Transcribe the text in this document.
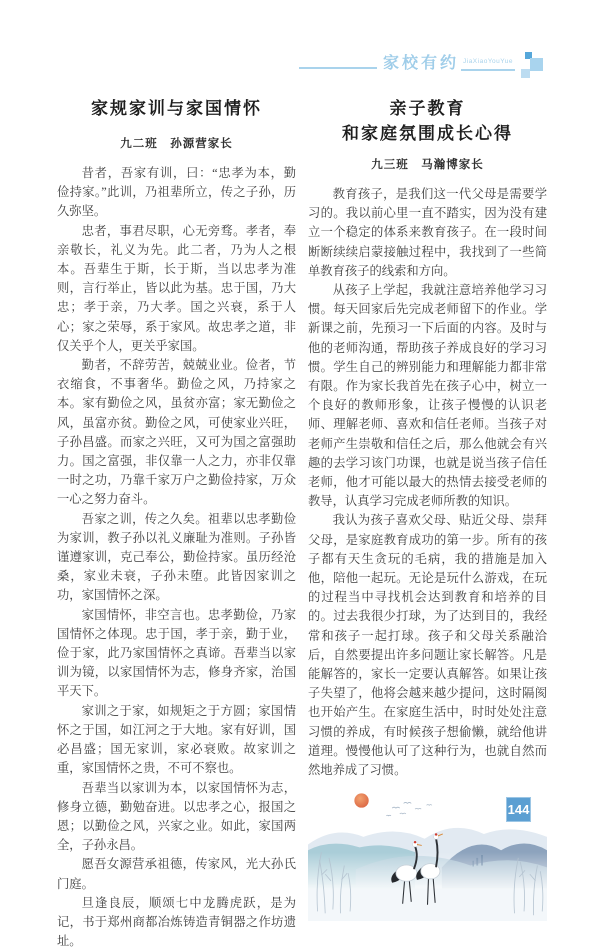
家校有约 JiaXiaoYouYue
家规家训与家国情怀
九二班　孙源营家长

昔者，吾家有训，曰：“忠孝为本，勤俭持家。”此训，乃祖辈所立，传之子孙，历久弥坚。

忠者，事君尽职，心无旁骛。孝者，奉亲敬长，礼义为先。此二者，乃为人之根本。吾辈生于斯，长于斯，当以忠孝为准则，言行举止，皆以此为基。忠于国，乃大忠；孝于亲，乃大孝。国之兴衰，系于人心；家之荣辱，系于家风。故忠孝之道，非仅关乎个人，更关乎家国。

勤者，不辞劳苦，兢兢业业。俭者，节衣缩食，不事奢华。勤俭之风，乃持家之本。家有勤俭之风，虽贫亦富；家无勤俭之风，虽富亦贫。勤俭之风，可使家业兴旺，子孙昌盛。而家之兴旺，又可为国之富强助力。国之富强，非仅靠一人之力，亦非仅靠一时之功，乃靠千家万户之勤俭持家，万众一心之努力奋斗。

吾家之训，传之久矣。祖辈以忠孝勤俭为家训，教子孙以礼义廉耻为准则。子孙皆谨遵家训，克己奉公，勤俭持家。虽历经沧桑，家业未衰，子孙未堕。此皆因家训之功，家国情怀之深。

家国情怀，非空言也。忠孝勤俭，乃家国情怀之体现。忠于国，孝于亲，勤于业，俭于家，此乃家国情怀之真谛。吾辈当以家训为镜，以家国情怀为志，修身齐家，治国平天下。

家训之于家，如规矩之于方圆；家国情怀之于国，如江河之于大地。家有好训，国必昌盛；国无家训，家必衰败。故家训之重，家国情怀之贵，不可不察也。

吾辈当以家训为本，以家国情怀为志，修身立德，勤勉奋进。以忠孝之心，报国之恩；以勤俭之风，兴家之业。如此，家国两全，子孙永昌。

愿吾女源营承祖德，传家风，光大孙氏门庭。

旦逢良辰，顺颂七中龙腾虎跃，是为记，书于郑州商都冶炼铸造青铜器之作坊遗址。

亲子教育
和家庭氛围成长心得
九三班　马瀚博家长

教育孩子，是我们这一代父母是需要学习的。我以前心里一直不踏实，因为没有建立一个稳定的体系来教育孩子。在一段时间断断续续启蒙接触过程中，我找到了一些简单教育孩子的线索和方向。

从孩子上学起，我就注意培养他学习习惯。每天回家后先完成老师留下的作业。学新课之前，先预习一下后面的内容。及时与他的老师沟通，帮助孩子养成良好的学习习惯。学生自己的辨别能力和理解能力都非常有限。作为家长我首先在孩子心中，树立一个良好的教师形象，让孩子慢慢的认识老师、理解老师、喜欢和信任老师。当孩子对老师产生崇敬和信任之后，那么他就会有兴趣的去学习该门功课，也就是说当孩子信任老师，他才可能以最大的热情去接受老师的教导，认真学习完成老师所教的知识。

我认为孩子喜欢父母、贴近父母、崇拜父母，是家庭教育成功的第一步。所有的孩子都有天生贪玩的毛病，我的措施是加入他，陪他一起玩。无论是玩什么游戏，在玩的过程当中寻找机会达到教育和培养的目的。过去我很少打球，为了达到目的，我经常和孩子一起打球。孩子和父母关系融洽后，自然要提出许多问题让家长解答。凡是能解答的，家长一定要认真解答。如果让孩子失望了，他将会越来越少提问，这时隔阂也开始产生。在家庭生活中，时时处处注意习惯的养成，有时候孩子想偷懒，就给他讲道理。慢慢他认可了这种行为，也就自然而然地养成了习惯。

144
